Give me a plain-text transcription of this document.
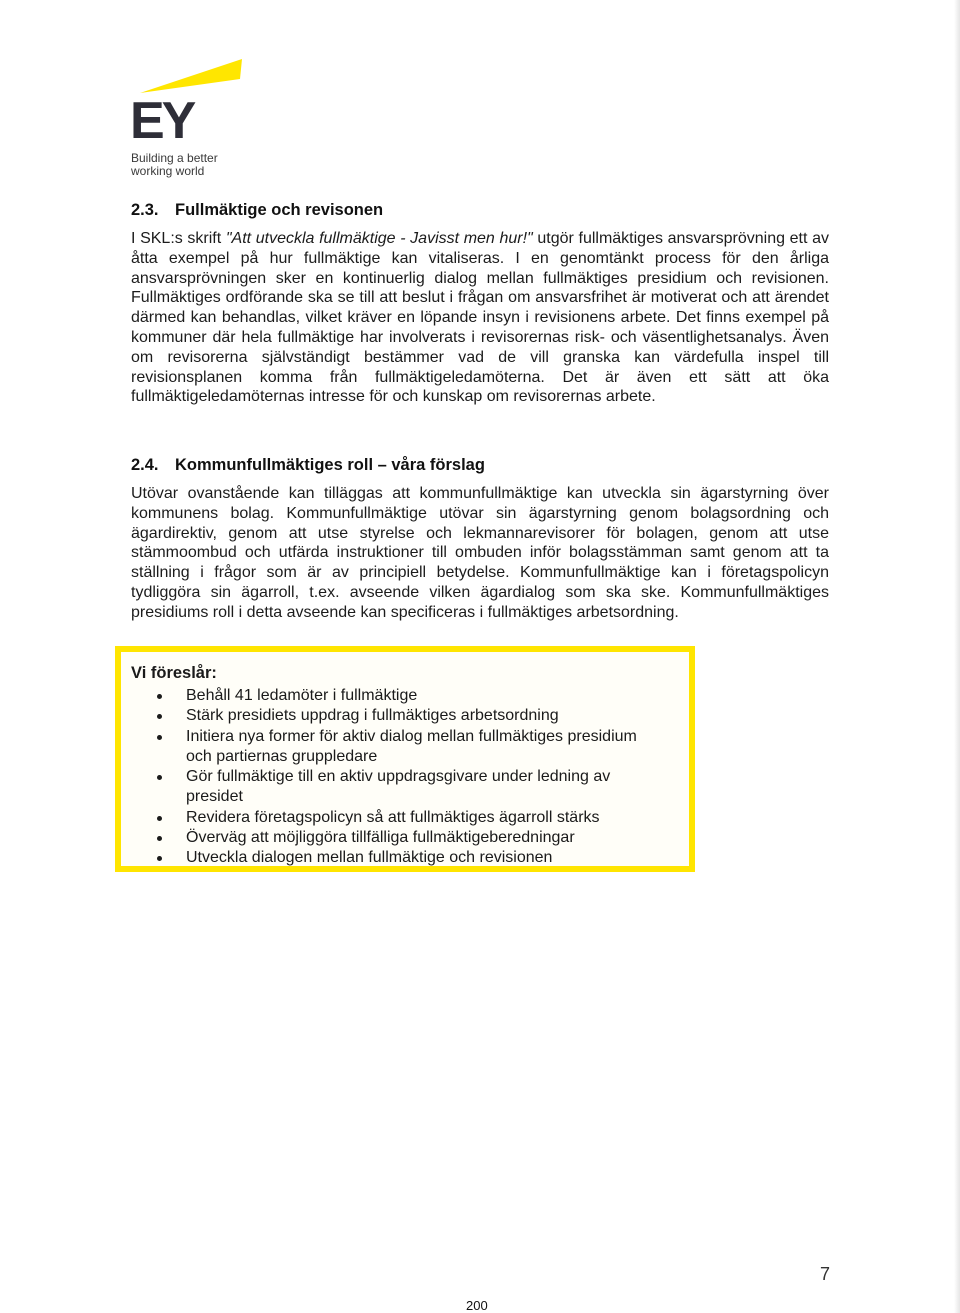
EY
Building a better
working world
2.3. Fullmäktige och revisonen

I SKL:s skrift "Att utveckla fullmäktige - Javisst men hur!" utgör fullmäktiges ansvarsprövning ett av åtta exempel på hur fullmäktige kan vitaliseras. I en genomtänkt process för den årliga ansvarsprövningen sker en kontinuerlig dialog mellan fullmäktiges presidium och revisionen. Fullmäktiges ordförande ska se till att beslut i frågan om ansvarsfrihet är motiverat och att ärendet därmed kan behandlas, vilket kräver en löpande insyn i revisionens arbete. Det finns exempel på kommuner där hela fullmäktige har involverats i revisorernas risk- och väsentlighetsanalys. Även om revisorerna självständigt bestämmer vad de vill granska kan värdefulla inspel till revisionsplanen komma från fullmäktigeledamöterna. Det är även ett sätt att öka fullmäktigeledamöternas intresse för och kunskap om revisorernas arbete.

2.4. Kommunfullmäktiges roll – våra förslag

Utövar ovanstående kan tilläggas att kommunfullmäktige kan utveckla sin ägarstyrning över kommunens bolag. Kommunfullmäktige utövar sin ägarstyrning genom bolagsordning och ägardirektiv, genom att utse styrelse och lekmannarevisorer för bolagen, genom att utse stämmoombud och utfärda instruktioner till ombuden inför bolagsstämman samt genom att ta ställning i frågor som är av principiell betydelse. Kommunfullmäktige kan i företagspolicyn tydliggöra sin ägarroll, t.ex. avseende vilken ägardialog som ska ske. Kommunfullmäktiges presidiums roll i detta avseende kan specificeras i fullmäktiges arbetsordning.

Vi föreslår:
Behåll 41 ledamöter i fullmäktige
Stärk presidiets uppdrag i fullmäktiges arbetsordning
Initiera nya former för aktiv dialog mellan fullmäktiges presidium och partiernas gruppledare
Gör fullmäktige till en aktiv uppdragsgivare under ledning av presidet
Revidera företagspolicyn så att fullmäktiges ägarroll stärks
Överväg att möjliggöra tillfälliga fullmäktigeberedningar
Utveckla dialogen mellan fullmäktige och revisionen
7
200
